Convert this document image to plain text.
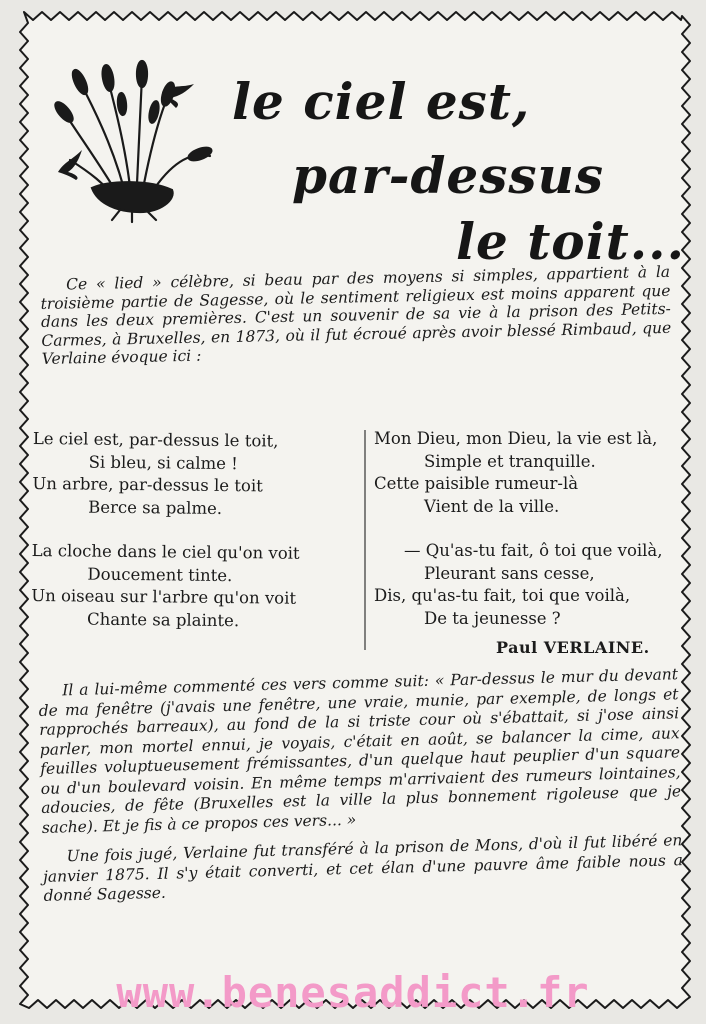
le ciel est,
par-dessus
le toit...

Ce « lied » célèbre, si beau par des moyens si simples, appartient à la troisième partie de Sagesse, où le sentiment religieux est moins apparent que dans les deux premières. C'est un souvenir de sa vie à la prison des Petits-Carmes, à Bruxelles, en 1873, où il fut écroué après avoir blessé Rimbaud, que Verlaine évoque ici :

Le ciel est, par-dessus le toit,
Si bleu, si calme !
Un arbre, par-dessus le toit
Berce sa palme.
La cloche dans le ciel qu'on voit
Doucement tinte.
Un oiseau sur l'arbre qu'on voit
Chante sa plainte.
Mon Dieu, mon Dieu, la vie est là,
Simple et tranquille.
Cette paisible rumeur-là
Vient de la ville.
— Qu'as-tu fait, ô toi que voilà,
Pleurant sans cesse,
Dis, qu'as-tu fait, toi que voilà,
De ta jeunesse ?
Paul VERLAINE.

Il a lui-même commenté ces vers comme suit: « Par-dessus le mur du devant de ma fenêtre (j'avais une fenêtre, une vraie, munie, par exemple, de longs et rapprochés barreaux), au fond de la si triste cour où s'ébattait, si j'ose ainsi parler, mon mortel ennui, je voyais, c'était en août, se balancer la cime, aux feuilles voluptueusement frémissantes, d'un quelque haut peuplier d'un square ou d'un boulevard voisin. En même temps m'arrivaient des rumeurs lointaines, adoucies, de fête (Bruxelles est la ville la plus bonnement rigoleuse que je sache). Et je fis à ce propos ces vers... »

Une fois jugé, Verlaine fut transféré à la prison de Mons, d'où il fut libéré en janvier 1875. Il s'y était converti, et cet élan d'une pauvre âme faible nous a donné Sagesse.

www.benesaddict.fr
